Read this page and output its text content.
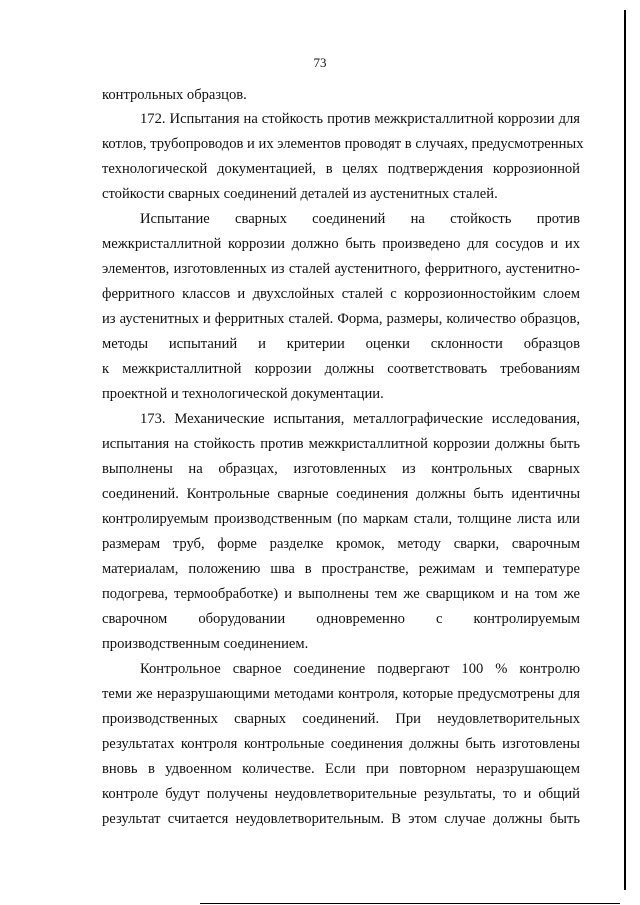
73
контрольных образцов.
172. Испытания на стойкость против межкристаллитной коррозии для
котлов, трубопроводов и их элементов проводят в случаях, предусмотренных
технологической документацией, в целях подтверждения коррозионной
стойкости сварных соединений деталей из аустенитных сталей.
Испытание сварных соединений на стойкость против
межкристаллитной коррозии должно быть произведено для сосудов и их
элементов, изготовленных из сталей аустенитного, ферритного, аустенитно-
ферритного классов и двухслойных сталей с коррозионностойким слоем
из аустенитных и ферритных сталей. Форма, размеры, количество образцов,
методы испытаний и критерии оценки склонности образцов
к межкристаллитной коррозии должны соответствовать требованиям
проектной и технологической документации.
173. Механические испытания, металлографические исследования,
испытания на стойкость против межкристаллитной коррозии должны быть
выполнены на образцах, изготовленных из контрольных сварных
соединений. Контрольные сварные соединения должны быть идентичны
контролируемым производственным (по маркам стали, толщине листа или
размерам труб, форме разделке кромок, методу сварки, сварочным
материалам, положению шва в пространстве, режимам и температуре
подогрева, термообработке) и выполнены тем же сварщиком и на том же
сварочном оборудовании одновременно с контролируемым
производственным соединением.
Контрольное сварное соединение подвергают 100 % контролю
теми же неразрушающими методами контроля, которые предусмотрены для
производственных сварных соединений. При неудовлетворительных
результатах контроля контрольные соединения должны быть изготовлены
вновь в удвоенном количестве. Если при повторном неразрушающем
контроле будут получены неудовлетворительные результаты, то и общий
результат считается неудовлетворительным. В этом случае должны быть
